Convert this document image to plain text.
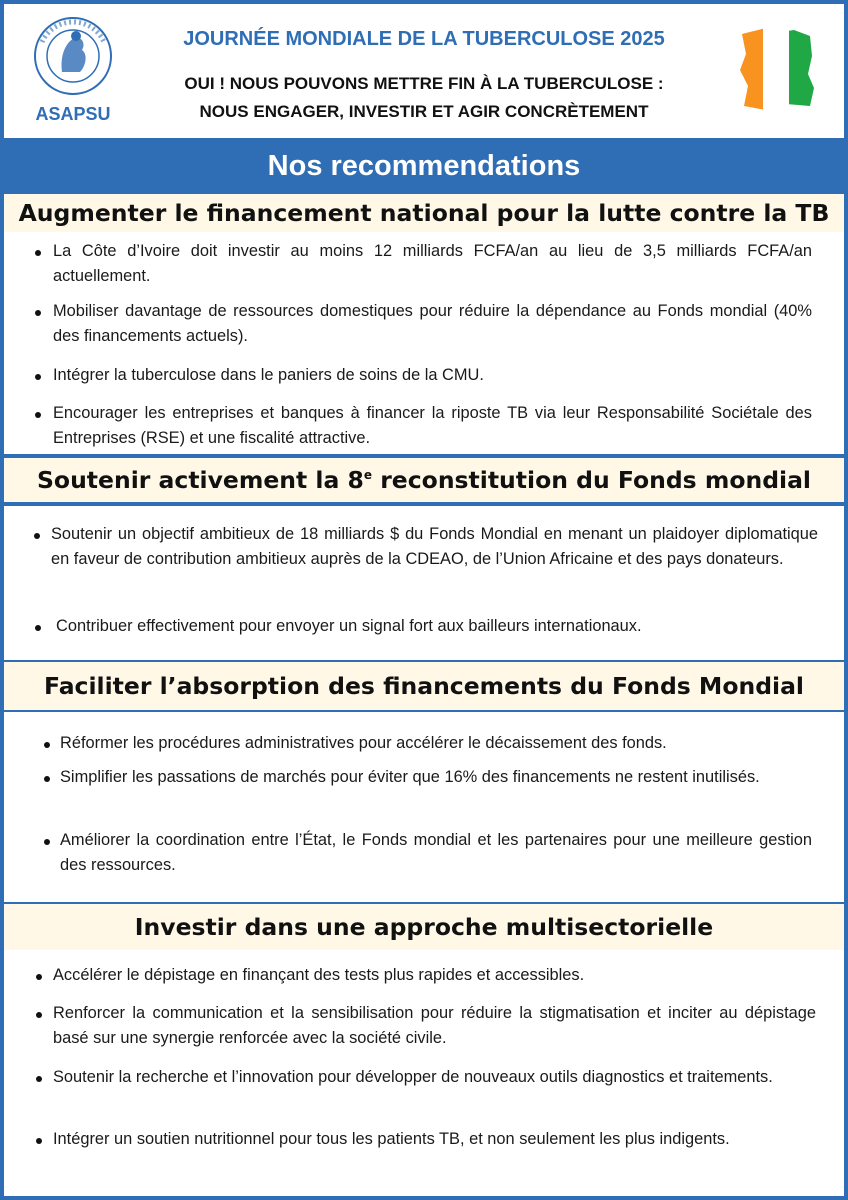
ASAPSU
JOURNÉE MONDIALE DE LA TUBERCULOSE 2025
OUI ! NOUS POUVONS METTRE FIN À LA TUBERCULOSE :
NOUS ENGAGER, INVESTIR ET AGIR CONCRÈTEMENT
Nos recommendations
Augmenter le financement national pour la lutte contre la TB
La Côte d’Ivoire doit investir au moins 12 milliards FCFA/an au lieu de 3,5 milliards FCFA/an actuellement.
Mobiliser davantage de ressources domestiques pour réduire la dépendance au Fonds mondial (40% des financements actuels).
Intégrer la tuberculose dans le paniers de soins de la CMU.
Encourager les entreprises et banques à financer la riposte TB via leur Responsabilité Sociétale des Entreprises (RSE) et une fiscalité attractive.
Soutenir activement la 8e reconstitution du Fonds mondial
Soutenir un objectif ambitieux de 18 milliards $ du Fonds Mondial en menant un plaidoyer diplomatique en faveur de contribution ambitieux auprès de la CDEAO, de l’Union Africaine et des pays donateurs.
Contribuer effectivement pour envoyer un signal fort aux bailleurs internationaux.
Faciliter l’absorption des financements du Fonds Mondial
Réformer les procédures administratives pour accélérer le décaissement des fonds.
Simplifier les passations de marchés pour éviter que 16% des financements ne restent inutilisés.
Améliorer la coordination entre l’État, le Fonds mondial et les partenaires pour une meilleure gestion des ressources.
Investir dans une approche multisectorielle
Accélérer le dépistage en finançant des tests plus rapides et accessibles.
Renforcer la communication et la sensibilisation pour réduire la stigmatisation et inciter au dépistage basé sur une synergie renforcée avec la société civile.
Soutenir la recherche et l’innovation pour développer de nouveaux outils diagnostics et traitements.
Intégrer un soutien nutritionnel pour tous les patients TB, et non seulement les plus indigents.
